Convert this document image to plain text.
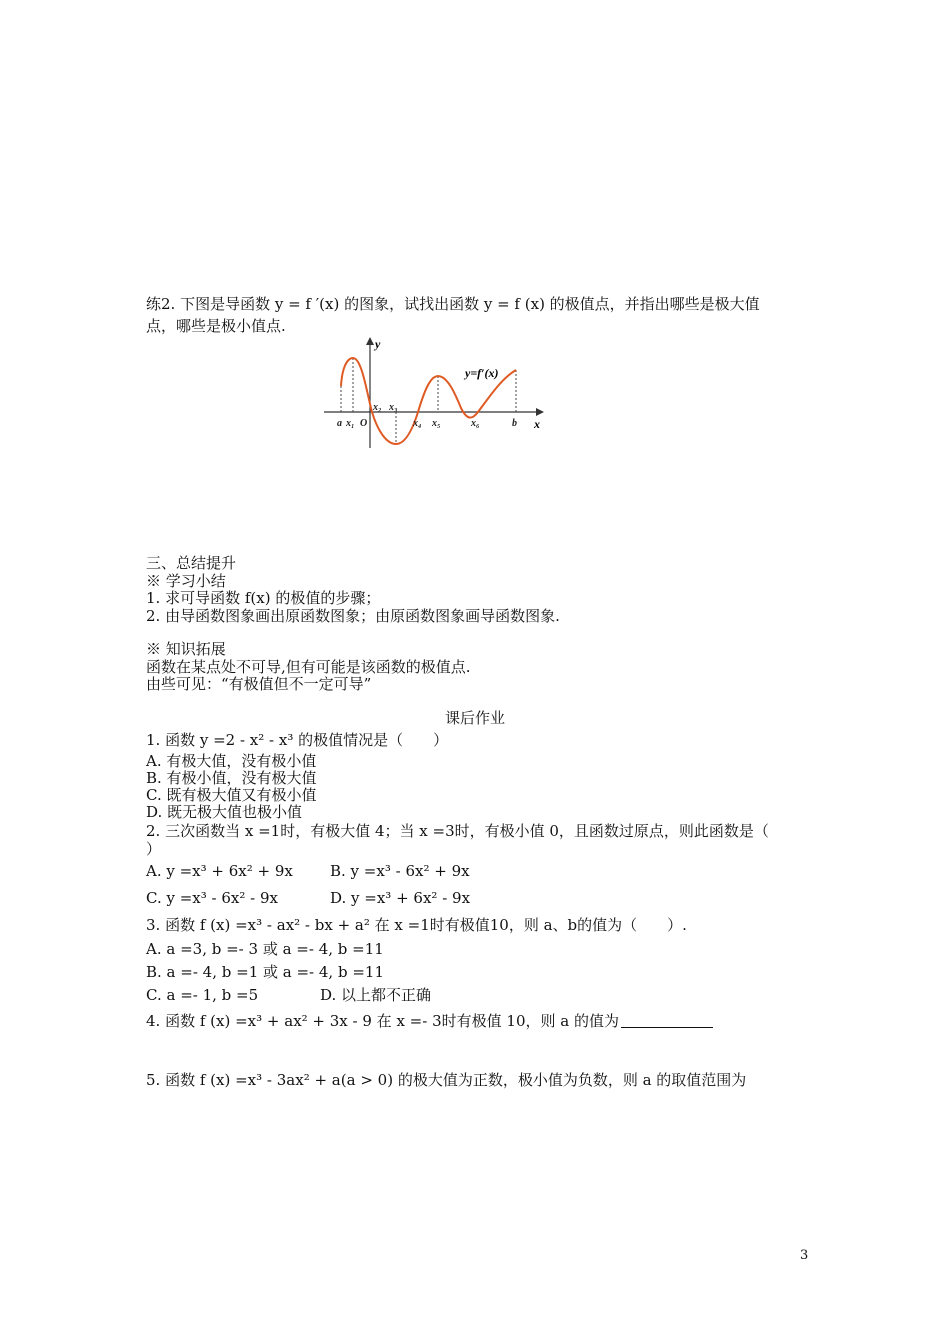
练2. 下图是导函数 y = f ′(x) 的图象，试找出函数 y = f (x) 的极值点，并指出哪些是极大值
点，哪些是极小值点.
y=f′(x)
y
x
a x₁ O
x₂ x₃
x₄ x₅	x₆	b
三、总结提升
※ 学习小结
1. 求可导函数 f(x) 的极值的步骤；
2. 由导函数图象画出原函数图象；由原函数图象画导函数图象.
※ 知识拓展
函数在某点处不可导,但有可能是该函数的极值点.
由些可见：“有极值但不一定可导”
课后作业
1. 函数 y =2 - x² - x³ 的极值情况是（　　）
A. 有极大值，没有极小值
B. 有极小值，没有极大值
C. 既有极大值又有极小值
D. 既无极大值也极小值
2. 三次函数当 x =1时，有极大值 4；当 x =3时，有极小值 0，且函数过原点，则此函数是（
）
A. y =x³ + 6x² + 9x B. y =x³ - 6x² + 9x
C. y =x³ - 6x² - 9x	D. y =x³ + 6x² - 9x
3. 函数 f (x) =x³ - ax² - bx + a² 在 x =1时有极值10，则 a、b的值为（　　）.
A. a =3, b =- 3 或 a =- 4, b =11
B. a =- 4, b =1 或 a =- 4, b =11
C. a =- 1, b =5	D. 以上都不正确
4. 函数 f (x) =x³ + ax² + 3x - 9 在 x =- 3时有极值 10，则 a 的值为
5. 函数 f (x) =x³ - 3ax² + a(a > 0) 的极大值为正数，极小值为负数，则 a 的取值范围为
3
